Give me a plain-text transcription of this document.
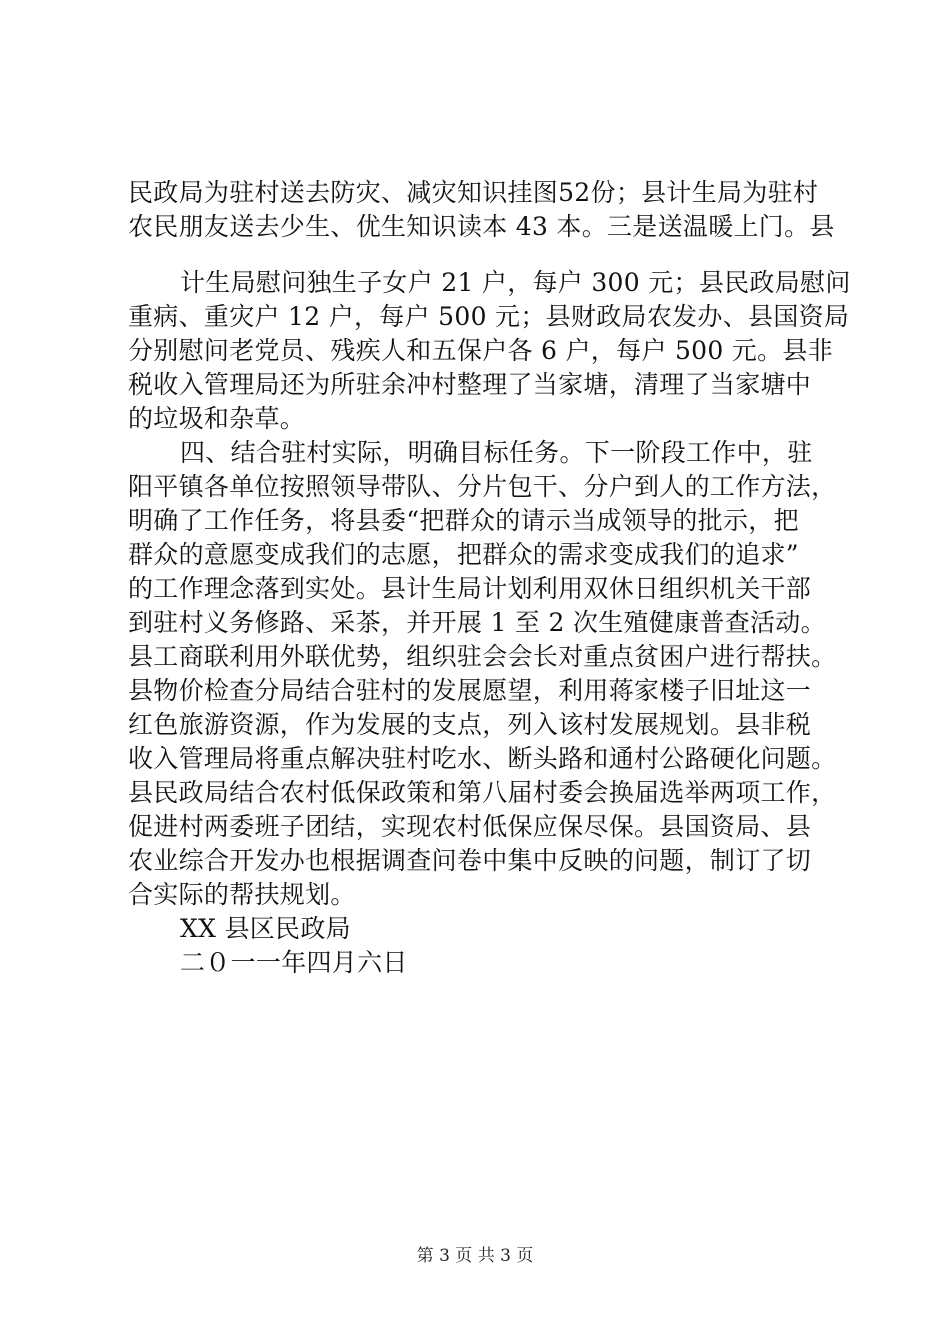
民政局为驻村送去防灾、减灾知识挂图52份；县计生局为驻村
农民朋友送去少生、优生知识读本 43 本。三是送温暖上门。县
计生局慰问独生子女户 21 户，每户 300 元；县民政局慰问
重病、重灾户 12 户，每户 500 元；县财政局农发办、县国资局
分别慰问老党员、残疾人和五保户各 6 户，每户 500 元。县非
税收入管理局还为所驻余冲村整理了当家塘，清理了当家塘中
的垃圾和杂草。
四、结合驻村实际，明确目标任务。下一阶段工作中，驻
阳平镇各单位按照领导带队、分片包干、分户到人的工作方法，
明确了工作任务，将县委“把群众的请示当成领导的批示，把
群众的意愿变成我们的志愿，把群众的需求变成我们的追求”
的工作理念落到实处。县计生局计划利用双休日组织机关干部
到驻村义务修路、采茶，并开展 1 至 2 次生殖健康普查活动。
县工商联利用外联优势，组织驻会会长对重点贫困户进行帮扶。
县物价检查分局结合驻村的发展愿望，利用蒋家楼子旧址这一
红色旅游资源，作为发展的支点，列入该村发展规划。县非税
收入管理局将重点解决驻村吃水、断头路和通村公路硬化问题。
县民政局结合农村低保政策和第八届村委会换届选举两项工作，
促进村两委班子团结，实现农村低保应保尽保。县国资局、县
农业综合开发办也根据调查问卷中集中反映的问题，制订了切
合实际的帮扶规划。
XX 县区民政局
二０一一年四月六日
第 3 页 共 3 页
